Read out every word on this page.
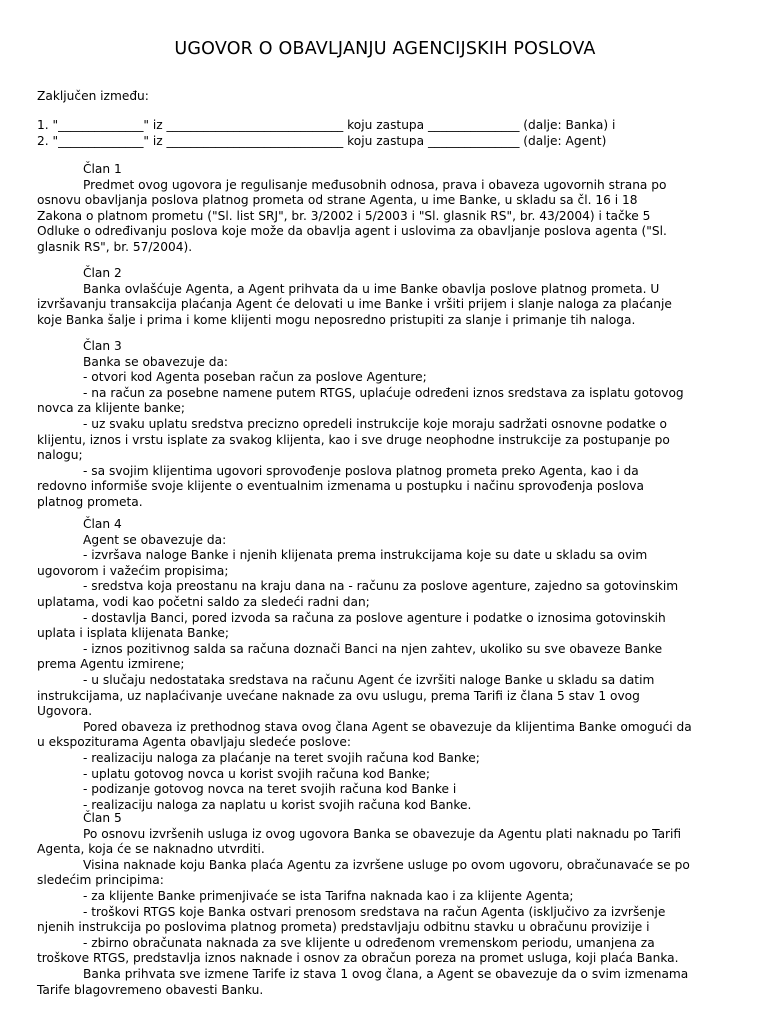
UGOVOR O OBAVLJANJU AGENCIJSKIH POSLOVA
Zaključen između:
1. "______________" iz _____________________________ koju zastupa _______________ (dalje: Banka) i
2. "______________" iz _____________________________ koju zastupa _______________ (dalje: Agent)
Član 1
Predmet ovog ugovora je regulisanje međusobnih odnosa, prava i obaveza ugovornih strana po
osnovu obavljanja poslova platnog prometa od strane Agenta, u ime Banke, u skladu sa čl. 16 i 18
Zakona o platnom prometu ("Sl. list SRJ", br. 3/2002 i 5/2003 i "Sl. glasnik RS", br. 43/2004) i tačke 5
Odluke o određivanju poslova koje može da obavlja agent i uslovima za obavljanje poslova agenta ("Sl.
glasnik RS", br. 57/2004).
Član 2
Banka ovlašćuje Agenta, a Agent prihvata da u ime Banke obavlja poslove platnog prometa. U
izvršavanju transakcija plaćanja Agent će delovati u ime Banke i vršiti prijem i slanje naloga za plaćanje
koje Banka šalje i prima i kome klijenti mogu neposredno pristupiti za slanje i primanje tih naloga.
Član 3
Banka se obavezuje da:
- otvori kod Agenta poseban račun za poslove Agenture;
- na račun za posebne namene putem RTGS, uplaćuje određeni iznos sredstava za isplatu gotovog
novca za klijente banke;
- uz svaku uplatu sredstva precizno opredeli instrukcije koje moraju sadržati osnovne podatke o
klijentu, iznos i vrstu isplate za svakog klijenta, kao i sve druge neophodne instrukcije za postupanje po
nalogu;
- sa svojim klijentima ugovori sprovođenje poslova platnog prometa preko Agenta, kao i da
redovno informiše svoje klijente o eventualnim izmenama u postupku i načinu sprovođenja poslova
platnog prometa.
Član 4
Agent se obavezuje da:
- izvršava naloge Banke i njenih klijenata prema instrukcijama koje su date u skladu sa ovim
ugovorom i važećim propisima;
- sredstva koja preostanu na kraju dana na - računu za poslove agenture, zajedno sa gotovinskim
uplatama, vodi kao početni saldo za sledeći radni dan;
- dostavlja Banci, pored izvoda sa računa za poslove agenture i podatke o iznosima gotovinskih
uplata i isplata klijenata Banke;
- iznos pozitivnog salda sa računa doznači Banci na njen zahtev, ukoliko su sve obaveze Banke
prema Agentu izmirene;
- u slučaju nedostataka sredstava na računu Agent će izvršiti naloge Banke u skladu sa datim
instrukcijama, uz naplaćivanje uvećane naknade za ovu uslugu, prema Tarifi iz člana 5 stav 1 ovog
Ugovora.
Pored obaveza iz prethodnog stava ovog člana Agent se obavezuje da klijentima Banke omogući da
u ekspoziturama Agenta obavljaju sledeće poslove:
- realizaciju naloga za plaćanje na teret svojih računa kod Banke;
- uplatu gotovog novca u korist svojih računa kod Banke;
- podizanje gotovog novca na teret svojih računa kod Banke i
- realizaciju naloga za naplatu u korist svojih računa kod Banke.
Član 5
Po osnovu izvršenih usluga iz ovog ugovora Banka se obavezuje da Agentu plati naknadu po Tarifi
Agenta, koja će se naknadno utvrditi.
Visina naknade koju Banka plaća Agentu za izvršene usluge po ovom ugovoru, obračunavaće se po
sledećim principima:
- za klijente Banke primenjivaće se ista Tarifna naknada kao i za klijente Agenta;
- troškovi RTGS koje Banka ostvari prenosom sredstava na račun Agenta (isključivo za izvršenje
njenih instrukcija po poslovima platnog prometa) predstavljaju odbitnu stavku u obračunu provizije i
- zbirno obračunata naknada za sve klijente u određenom vremenskom periodu, umanjena za
troškove RTGS, predstavlja iznos naknade i osnov za obračun poreza na promet usluga, koji plaća Banka.
Banka prihvata sve izmene Tarife iz stava 1 ovog člana, a Agent se obavezuje da o svim izmenama
Tarife blagovremeno obavesti Banku.
